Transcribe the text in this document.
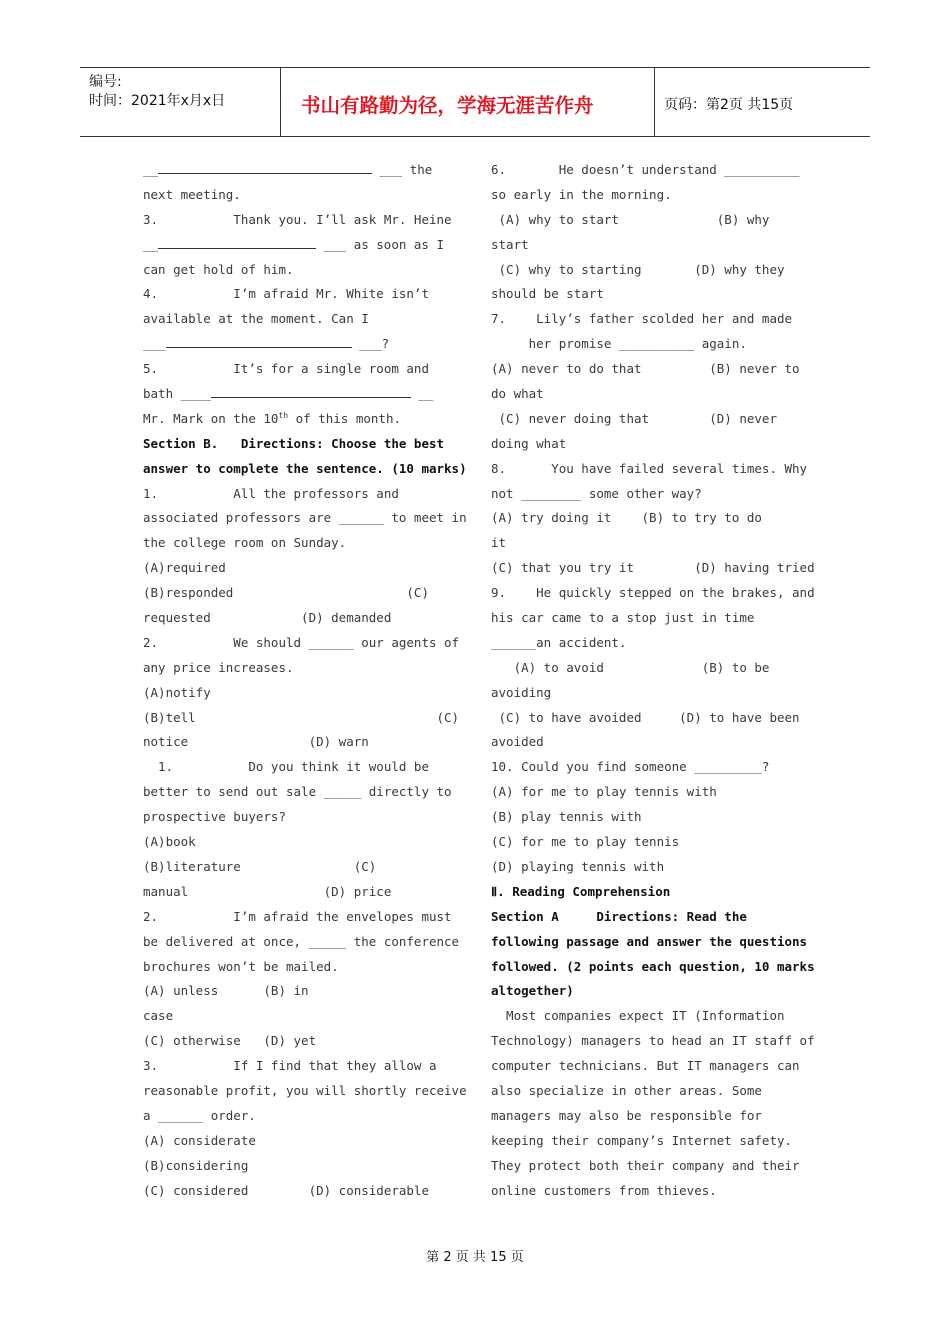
编号:
时间：2021年x月x日	书山有路勤为径，学海无涯苦作舟	页码：第2页 共15页
__	___ the
next meeting.
3.          Thank you. I’ll ask Mr. Heine
__	___ as soon as I
can get hold of him.
4.          I’m afraid Mr. White isn’t
available at the moment. Can I
___	___?
5.          It’s for a single room and
bath ____	__
Mr. Mark on the 10th of this month.
Section B.   Directions: Choose the best
answer to complete the sentence. (10 marks)
1.          All the professors and
associated professors are ______ to meet in
the college room on Sunday.
(A)required
(B)responded                       (C)
requested            (D) demanded
2.          We should ______ our agents of
any price increases.
(A)notify
(B)tell                                (C)
notice                (D) warn
1.          Do you think it would be
better to send out sale _____ directly to
prospective buyers?
(A)book
(B)literature               (C)
manual                  (D) price
2.          I’m afraid the envelopes must
be delivered at once, _____ the conference
brochures won’t be mailed.
(A) unless      (B) in
case
(C) otherwise   (D) yet
3.          If I find that they allow a
reasonable profit, you will shortly receive
a ______ order.
(A) considerate
(B)considering
(C) considered        (D) considerable
6.       He doesn’t understand __________
so early in the morning.
(A) why to start             (B) why
start
(C) why to starting       (D) why they
should be start
7.    Lily’s father scolded her and made
her promise __________ again.
(A) never to do that         (B) never to
do what
(C) never doing that        (D) never
doing what
8.      You have failed several times. Why
not ________ some other way?
(A) try doing it    (B) to try to do
it
(C) that you try it        (D) having tried
9.    He quickly stepped on the brakes, and
his car came to a stop just in time
______an accident.
(A) to avoid             (B) to be
avoiding
(C) to have avoided     (D) to have been
avoided
10. Could you find someone _________?
(A) for me to play tennis with
(B) play tennis with
(C) for me to play tennis
(D) playing tennis with
Ⅱ. Reading Comprehension
Section A     Directions: Read the
following passage and answer the questions
followed. (2 points each question, 10 marks
altogether)
Most companies expect IT (Information
Technology) managers to head an IT staff of
computer technicians. But IT managers can
also specialize in other areas. Some
managers may also be responsible for
keeping their company’s Internet safety.
They protect both their company and their
online customers from thieves.
第 2 页 共 15 页
